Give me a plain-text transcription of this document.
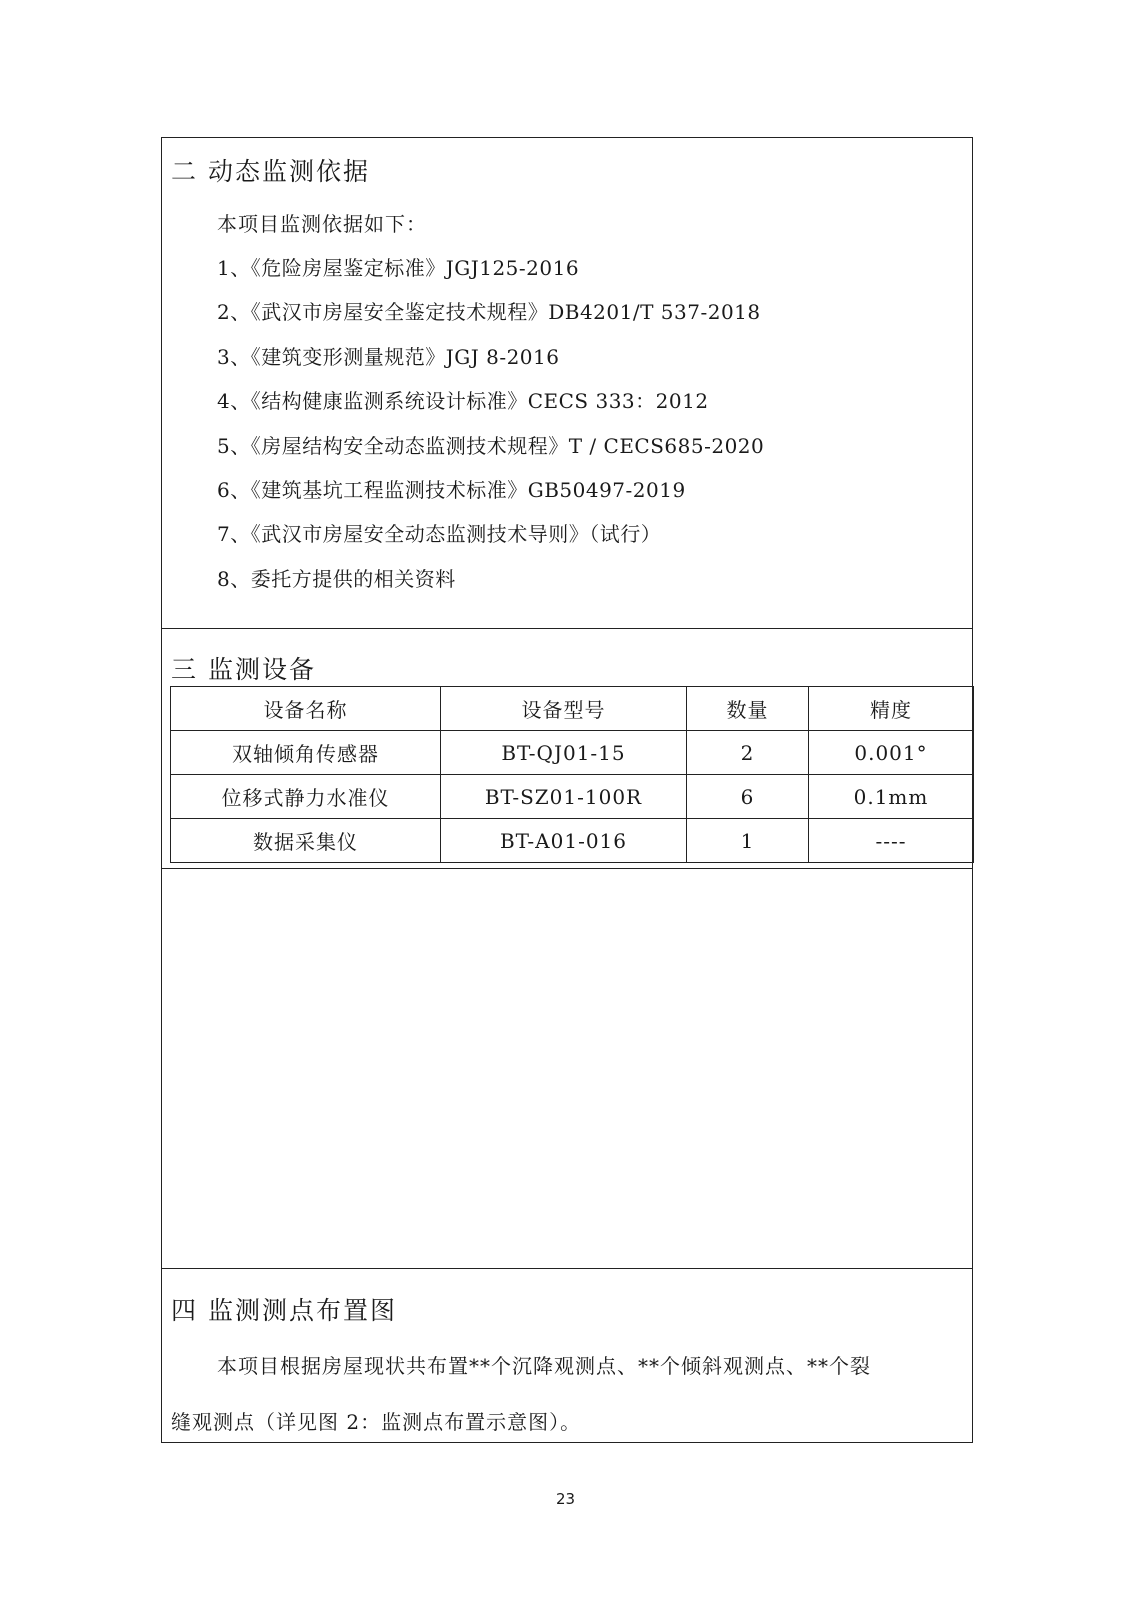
二 动态监测依据
本项目监测依据如下：
1、《危险房屋鉴定标准》JGJ125-2016
2、《武汉市房屋安全鉴定技术规程》DB4201/T 537-2018
3、《建筑变形测量规范》JGJ 8-2016
4、《结构健康监测系统设计标准》CECS 333：2012
5、《房屋结构安全动态监测技术规程》T / CECS685-2020
6、《建筑基坑工程监测技术标准》GB50497-2019
7、《武汉市房屋安全动态监测技术导则》（试行）
8、委托方提供的相关资料
三 监测设备
设备名称	设备型号	数量	精度
双轴倾角传感器	BT-QJ01-15	2	0.001°
位移式静力水准仪	BT-SZ01-100R	6	0.1mm
数据采集仪	BT-A01-016	1	----
四 监测测点布置图
本项目根据房屋现状共布置**个沉降观测点、**个倾斜观测点、**个裂
缝观测点（详见图 2：监测点布置示意图）。
23
